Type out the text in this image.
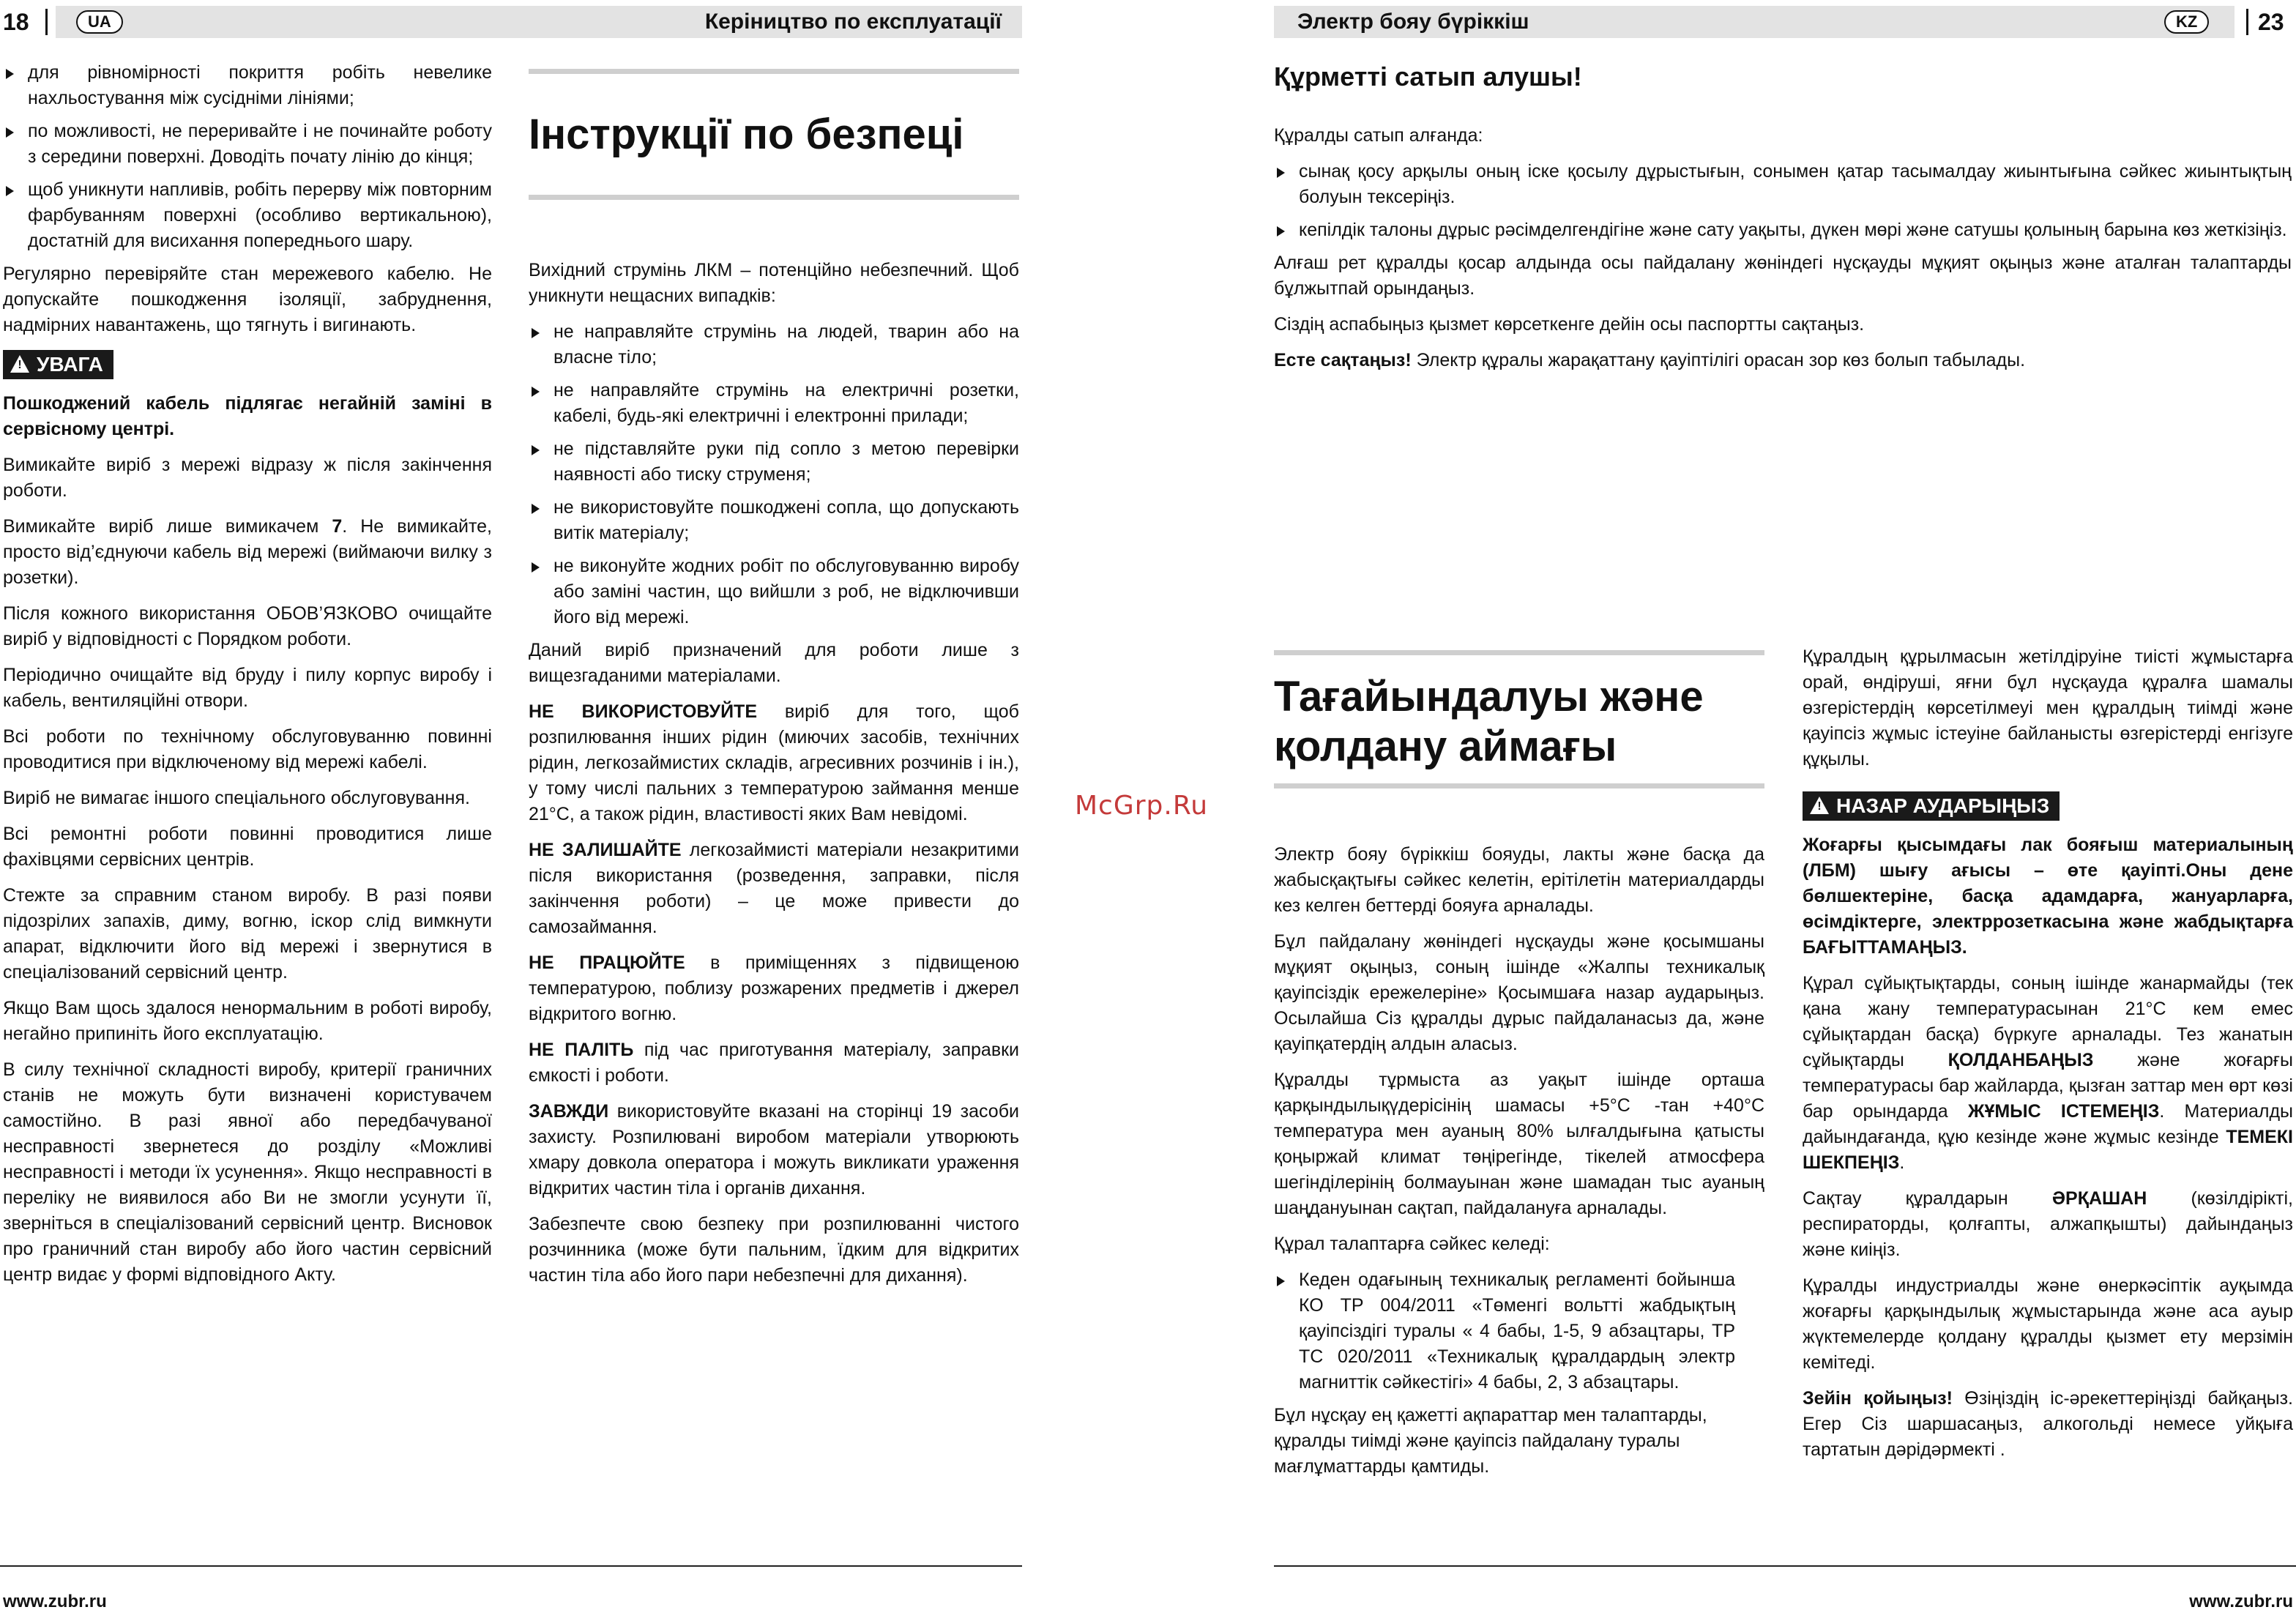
18	UA	Керіництво по експлуатації
для рівномірності покриття робіть невелике нахльостування між сусідніми лініями;
по можливості, не переривайте і не починайте роботу з середини поверхні. Доводіть почату лінію до кінця;
щоб уникнути напливів, робіть перерву між повторним фарбуванням поверхні (особливо вертикальною), достатній для висихання попереднього шару.

Регулярно перевіряйте стан мережевого кабелю. Не допускайте пошкодження ізоляції, забруднення, надмірних навантажень, що тягнуть і вигинають.

! УВАГА

Пошкоджений кабель підлягає негайній заміні в сервісному центрі.

Вимикайте виріб з мережі відразу ж після закінчення роботи.

Вимикайте виріб лише вимикачем 7. Не вимикайте, просто від’єднуючи кабель від мережі (виймаючи вилку з розетки).

Після кожного використання ОБОВ’ЯЗКОВО очищайте виріб у відповідності с Порядком роботи.

Періодично очищайте від бруду і пилу корпус виробу і кабель, вентиляційні отвори.

Всі роботи по технічному обслуговуванню повинні проводитися при відключеному від мережі кабелі.

Виріб не вимагає іншого спеціального обслуговування.

Всі ремонтні роботи повинні проводитися лише фахівцями сервісних центрів.

Стежте за справним станом виробу. В разі появи підозрілих запахів, диму, вогню, іскор слід вимкнути апарат, відключити його від мережі і звернутися в спеціалізований сервісний центр.

Якщо Вам щось здалося ненормальним в роботі виробу, негайно припиніть його експлуатацію.

В силу технічної складності виробу, критерії граничних станів не можуть бути визначені користувачем самостійно. В разі явної або передбачуваної несправності звернетеся до розділу «Можливі несправності і методи їх усунення». Якщо несправності в переліку не виявилося або Ви не змогли усунути її, зверніться в спеціалізований сервісний центр. Висновок про граничний стан виробу або його частин сервісний центр видає у формі відповідного Акту.

Інструкції по безпеці

Вихідний струмінь ЛКМ – потенційно небезпечний. Щоб уникнути нещасних випадків:

не направляйте струмінь на людей, тварин або на власне тіло;
не направляйте струмінь на електричні розетки, кабелі, будь-які електричні і електронні прилади;
не підставляйте руки під сопло з метою перевірки наявності або тиску струменя;
не використовуйте пошкоджені сопла, що допускають витік матеріалу;
не виконуйте жодних робіт по обслуговуванню виробу або заміні частин, що вийшли з роб, не відключивши його від мережі.

Даний виріб призначений для роботи лише з вищезгаданими матеріалами.

НЕ ВИКОРИСТОВУЙТЕ виріб для того, щоб розпилювання інших рідин (миючих засобів, технічних рідин, легкозаймистих складів, агресивних розчинів і ін.), у тому числі пальних з температурою займання менше 21°С, а також рідин, властивості яких Вам невідомі.

НЕ ЗАЛИШАЙТЕ легкозаймисті матеріали незакритими після використання (розведення, заправки, після закінчення роботи) – це може привести до самозаймання.

НЕ ПРАЦЮЙТЕ в приміщеннях з підвищеною температурою, поблизу розжарених предметів і джерел відкритого вогню.

НЕ ПАЛІТЬ під час приготування матеріалу, заправки ємкості і роботи.

ЗАВЖДИ використовуйте вказані на сторінці 19 засоби захисту. Розпилювані виробом матеріали утворюють хмару довкола оператора і можуть викликати ураження відкритих частин тіла і органів дихання.

Забезпечте свою безпеку при розпилюванні чистого розчинника (може бути пальним, їдким для відкритих частин тіла або його пари небезпечні для дихання).

www.zubr.ru
McGrp.Ru
Электр бояу бүріккіш	KZ	23

Құрметті сатып алушы!

Құралды сатып алғанда:

сынақ қосу арқылы оның іске қосылу дұрыстығын, сонымен қатар тасымалдау жиынтығына сәйкес жиынтықтың болуын тексеріңіз.
кепілдік талоны дұрыс рәсімделгендігіне және сату уақыты, дүкен мөрі және сатушы қолының барына көз жеткізіңіз.

Алғаш рет құралды қосар алдында осы пайдалану жөніндегі нұсқауды мұқият оқыңыз және аталған талаптарды бұлжытпай орындаңыз.

Сіздің аспабыңыз қызмет көрсеткенге дейін осы паспортты сақтаңыз.

Есте сақтаңыз! Электр құралы жарақаттану қауіптілігі орасан зор көз болып табылады.

Тағайындалуы және қолдану аймағы

Электр бояу бүріккіш бояуды, лакты және басқа да жабысқақтығы сәйкес келетін, ерітілетін материалдарды кез келген беттерді бояуға арналады.

Бұл пайдалану жөніндегі нұсқауды және қосымшаны мұқият оқыңыз, соның ішінде «Жалпы техникалық қауіпсіздік ережелеріне» Қосымшаға назар аударыңыз. Осылайша Сіз құралды дұрыс пайдаланасыз да, және қауіпқатердің алдын аласыз.

Құралды тұрмыста аз уақыт ішінде орташа қарқындылықүдерісінің шамасы +5°С -тан +40°С температура мен ауаның 80% ылғалдығына қатысты қоңыржай климат төңірегінде, тікелей атмосфера шегінділерінің болмауынан және шамадан тыс ауаның шаңдануынан сақтап, пайдалануға арналады.

Құрал талаптарға сәйкес келеді:

Кеден одағының техникалық регламенті бойынша КО ТР 004/2011 «Төменгі вольтті жабдықтың қауіпсіздігі туралы « 4 бабы, 1-5, 9 абзацтары, ТР ТС 020/2011 «Техникалық құралдардың электр магниттік сәйкестігі» 4 бабы, 2, 3 абзацтары.

Бұл нұсқау ең қажетті ақпараттар мен талаптарды, құралды тиімді және қауіпсіз пайдалану туралы мағлұматтарды қамтиды.

Құралдың құрылмасын жетілдіруіне тиісті жұмыстарға орай, өндіруші, яғни бұл нұсқауда құралға шамалы өзгерістердің көрсетілмеуі мен құралдың тиімді және қауіпсіз жұмыс істеуіне байланысты өзгерістерді енгізуге құқылы.

! НАЗАР АУДАРЫҢЫЗ

Жоғарғы қысымдағы лак бояғыш материалының (ЛБМ) шығу ағысы – өте қауіпті.Оны дене бөлшектеріне, басқа адамдарға, жануарларға, өсімдіктерге, электррозеткасына және жабдықтарға БАҒЫТТАМАҢЫЗ.

Құрал сұйықтықтарды, соның ішінде жанармайды (тек қана жану температурасынан 21°С кем емес сұйықтардан басқа) бүркуге арналады. Тез жанатын сұйықтарды ҚОЛДАНБАҢЫЗ және жоғарғы температурасы бар жайларда, қызған заттар мен өрт көзі бар орындарда ЖҰМЫС ІСТЕМЕҢІЗ. Материалды дайындағанда, құю кезінде және жұмыс кезінде ТЕМЕКІ ШЕКПЕҢІЗ.

Сақтау құралдарын ӘРҚАШАН (көзілдірікті, респираторды, қолғапты, алжапқышты) дайындаңыз және киіңіз.

Құралды индустриалды және өнеркәсіптік ауқымда жоғарғы қарқындылық жұмыстарында және аса ауыр жүктемелерде қолдану құралды қызмет ету мерзімін кемітеді.

Зейін қойыңыз! Өзіңіздің іс-әрекеттеріңізді байқаңыз. Егер Сіз шаршасаңыз, алкогольді немесе уйқыға тартатын дәрідәрмекті .

www.zubr.ru
